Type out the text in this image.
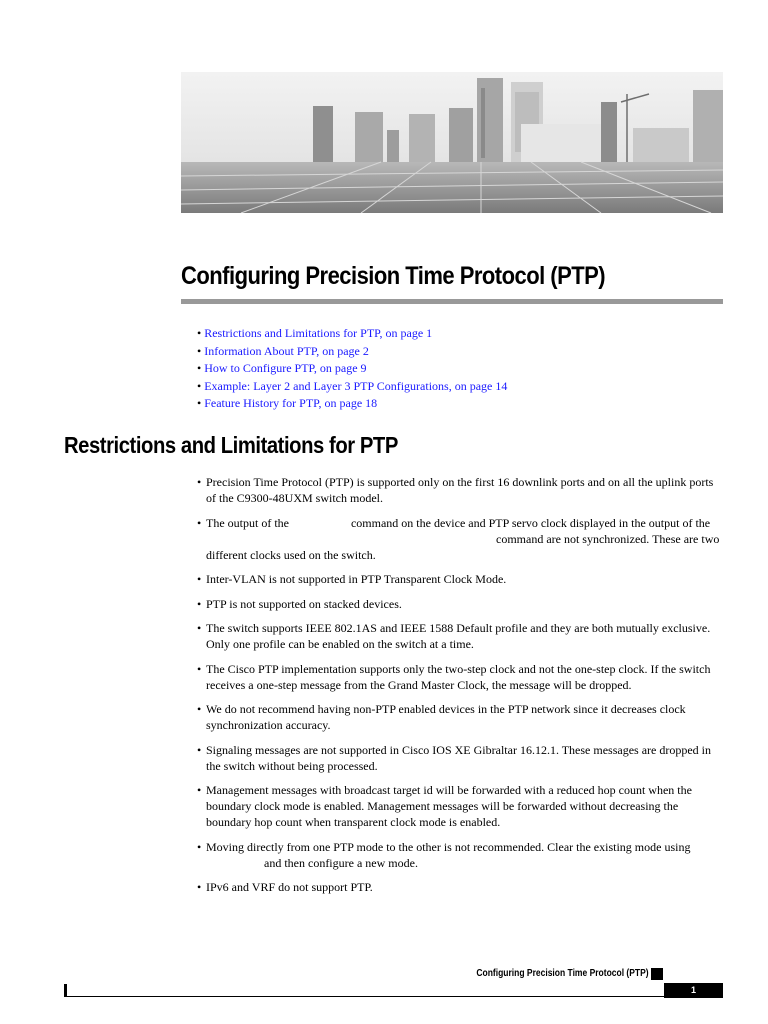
Configuring Precision Time Protocol (PTP)
• Restrictions and Limitations for PTP, on page 1
• Information About PTP, on page 2
• How to Configure PTP, on page 9
• Example: Layer 2 and Layer 3 PTP Configurations, on page 14
• Feature History for PTP, on page 18
Restrictions and Limitations for PTP
• Precision Time Protocol (PTP) is supported only on the first 16 downlink ports and on all the uplink ports of the C9300-48UXM switch model.
• The output of the	command on the device and PTP servo clock displayed in the output of thecommand are not synchronized. These are two different clocks used on the switch.
• Inter-VLAN is not supported in PTP Transparent Clock Mode.
• PTP is not supported on stacked devices.
• The switch supports IEEE 802.1AS and IEEE 1588 Default profile and they are both mutually exclusive. Only one profile can be enabled on the switch at a time.
• The Cisco PTP implementation supports only the two-step clock and not the one-step clock. If the switch receives a one-step message from the Grand Master Clock, the message will be dropped.
• We do not recommend having non-PTP enabled devices in the PTP network since it decreases clock synchronization accuracy.
• Signaling messages are not supported in Cisco IOS XE Gibraltar 16.12.1. These messages are dropped in the switch without being processed.
• Management messages with broadcast target id will be forwarded with a reduced hop count when the boundary clock mode is enabled. Management messages will be forwarded without decreasing the boundary hop count when transparent clock mode is enabled.
• Moving directly from one PTP mode to the other is not recommended. Clear the existing mode usingand then configure a new mode.
• IPv6 and VRF do not support PTP.
Configuring Precision Time Protocol (PTP)
1
